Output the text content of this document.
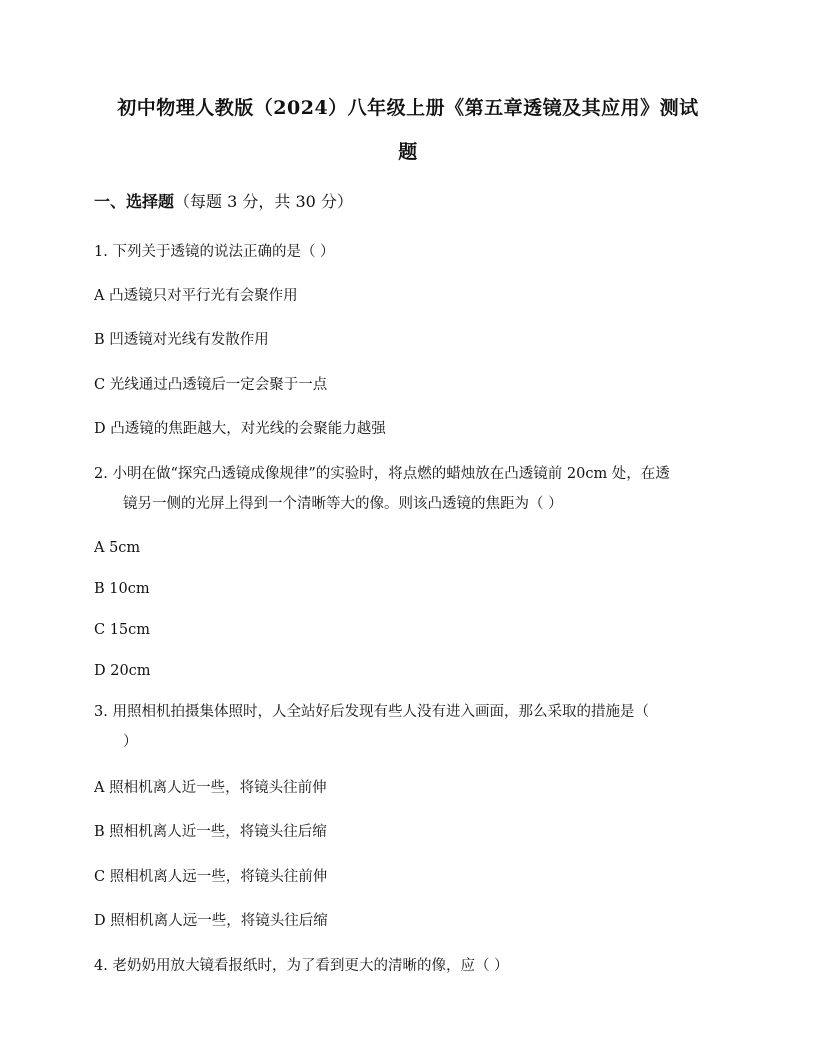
初中物理人教版（2024）八年级上册《第五章透镜及其应用》测试
题
一、选择题（每题 3 分，共 30 分）
1. 下列关于透镜的说法正确的是（ ）
A 凸透镜只对平行光有会聚作用
B 凹透镜对光线有发散作用
C 光线通过凸透镜后一定会聚于一点
D 凸透镜的焦距越大，对光线的会聚能力越强
2. 小明在做“探究凸透镜成像规律”的实验时，将点燃的蜡烛放在凸透镜前 20cm 处，在透
镜另一侧的光屏上得到一个清晰等大的像。则该凸透镜的焦距为（ ）
A 5cm
B 10cm
C 15cm
D 20cm
3. 用照相机拍摄集体照时，人全站好后发现有些人没有进入画面，那么采取的措施是（
）
A 照相机离人近一些，将镜头往前伸
B 照相机离人近一些，将镜头往后缩
C 照相机离人远一些，将镜头往前伸
D 照相机离人远一些，将镜头往后缩
4. 老奶奶用放大镜看报纸时，为了看到更大的清晰的像，应（ ）
